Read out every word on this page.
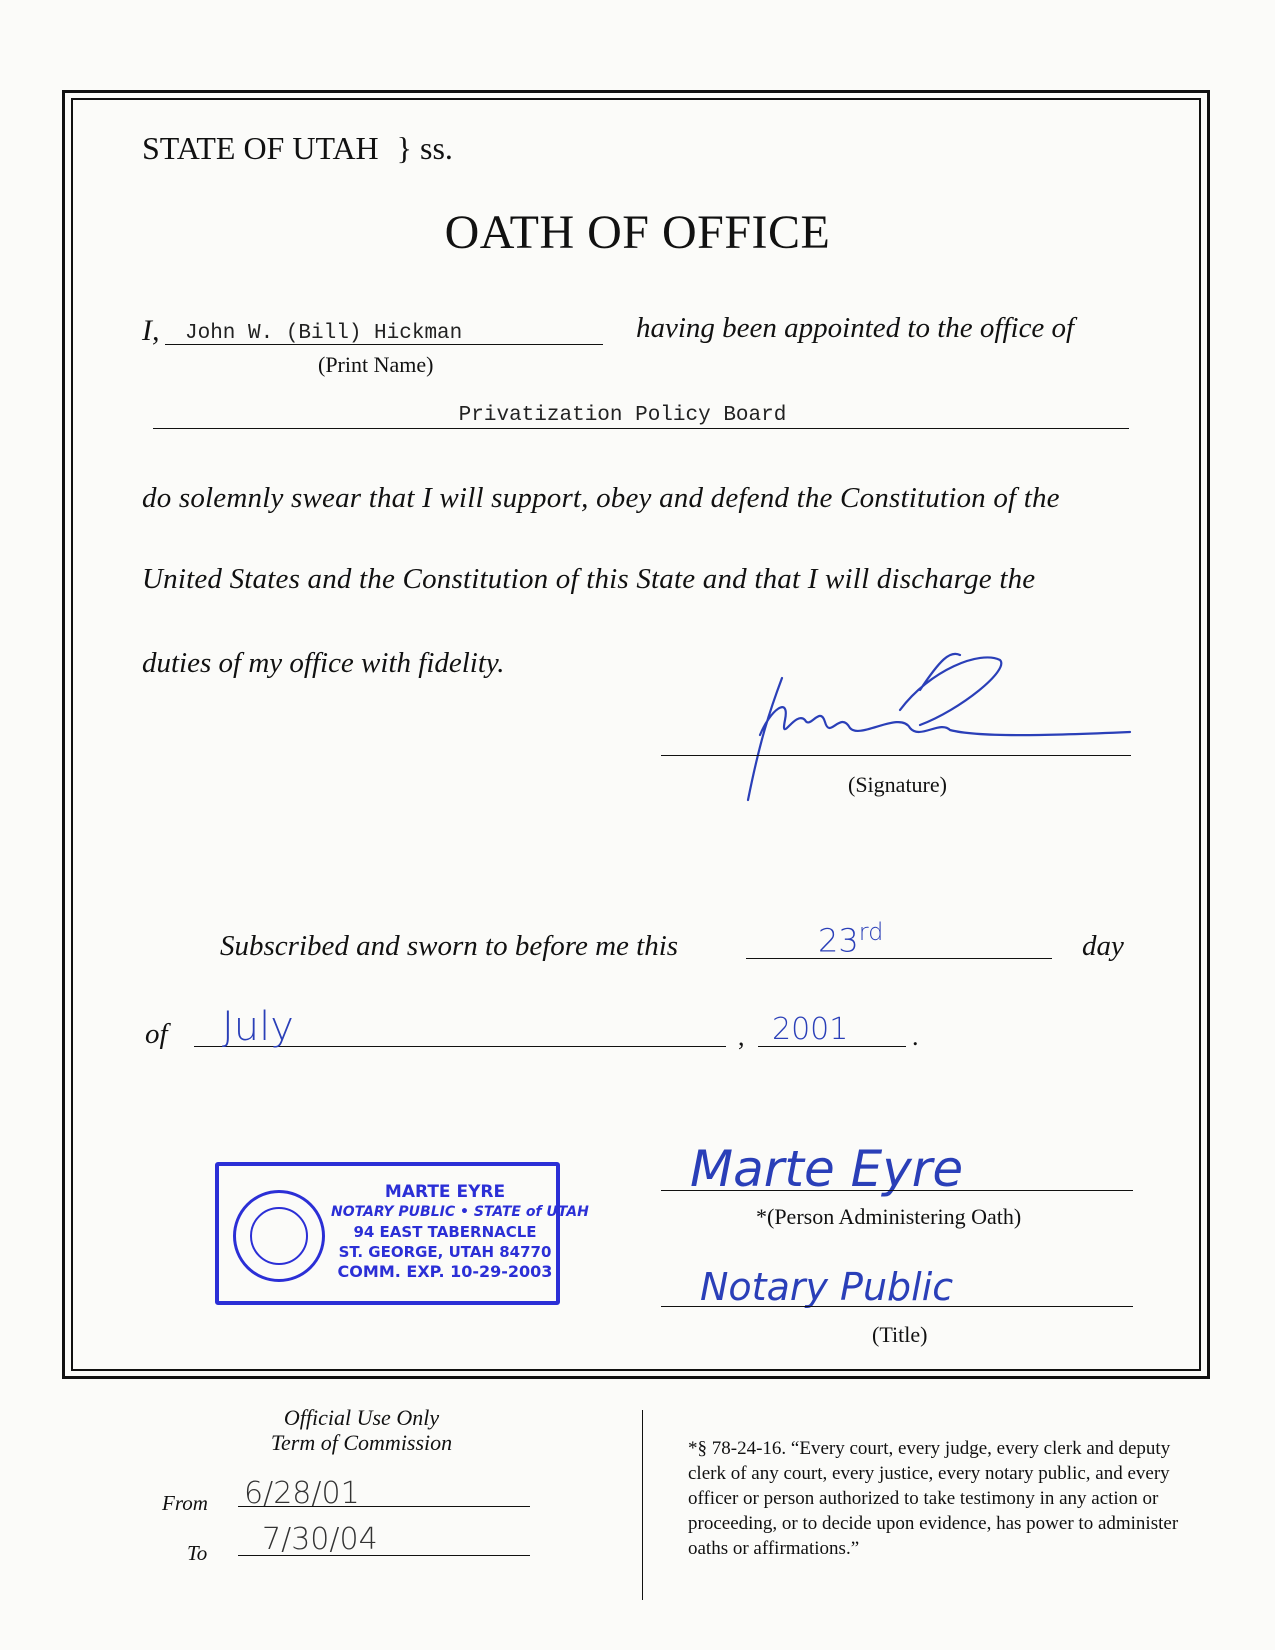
STATE OF UTAH } ss.
OATH OF OFFICE
I, John W. (Bill) Hickman
(Print Name)
having been appointed to the office of
Privatization Policy Board
do solemnly swear that I will support, obey and defend the Constitution of the
United States and the Constitution of this State and that I will discharge the
duties of my office with fidelity.
(Signature)
Subscribed and sworn to before me this	23rd	day
of July	, 2001 .
MARTE EYRE
NOTARY PUBLIC • STATE of UTAH
94 EAST TABERNACLE
ST. GEORGE, UTAH 84770
COMM. EXP. 10-29-2003
Marte Eyre
*(Person Administering Oath)
Notary Public
(Title)
Official Use Only
Term of Commission
From 6/28/01
To 7/30/04
*§ 78-24-16. “Every court, every judge, every clerk and deputy clerk of any court, every justice, every notary public, and every officer or person authorized to take testimony in any action or proceeding, or to decide upon evidence, has power to administer oaths or affirmations.”
